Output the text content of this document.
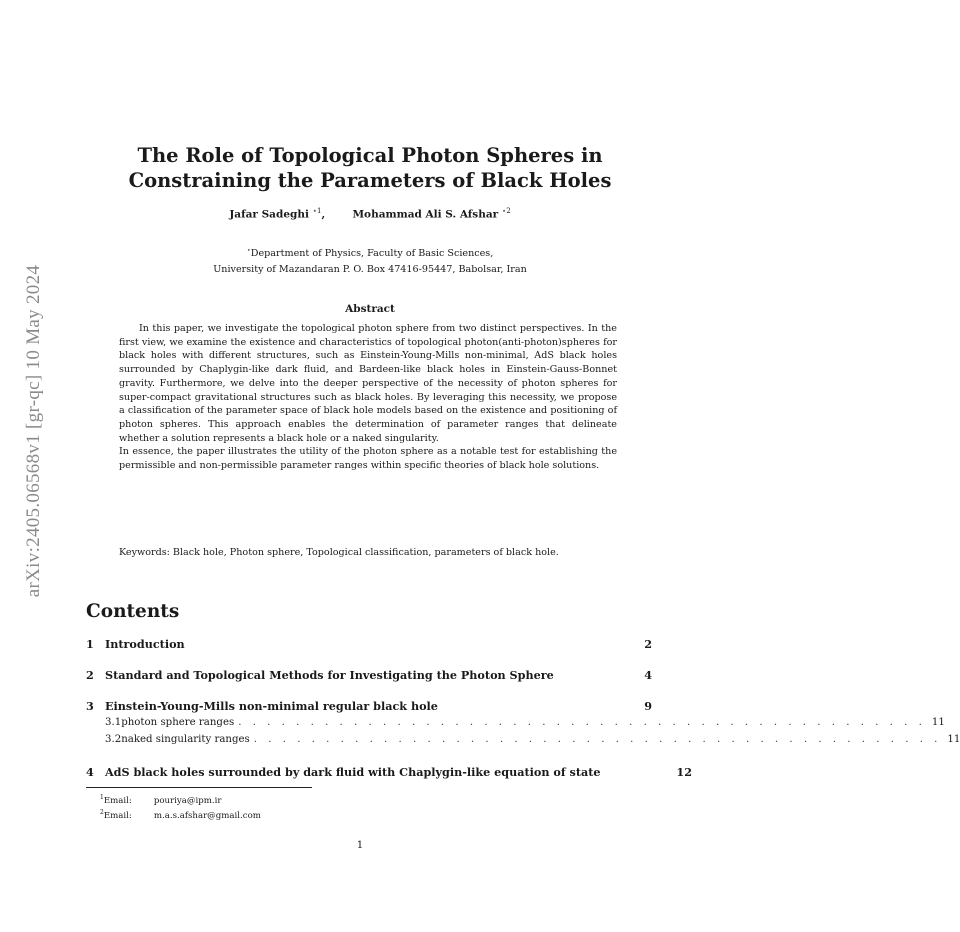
arXiv:2405.06568v1 [gr-qc] 10 May 2024
The Role of Topological Photon Spheres in Constraining the Parameters of Black Holes
Jafar Sadeghi $^{⋆1}$,	Mohammad Ali S. Afshar $^{⋆2}$
⋆Department of Physics, Faculty of Basic Sciences,
University of Mazandaran P. O. Box 47416-95447, Babolsar, Iran
Abstract

In this paper, we investigate the topological photon sphere from two distinct perspectives. In the first view, we examine the existence and characteristics of topological photon(anti-photon)spheres for black holes with different structures, such as Einstein-Young-Mills non-minimal, AdS black holes surrounded by Chaplygin-like dark fluid, and Bardeen-like black holes in Einstein-Gauss-Bonnet gravity. Furthermore, we delve into the deeper perspective of the necessity of photon spheres for super-compact gravitational structures such as black holes. By leveraging this necessity, we propose a classification of the parameter space of black hole models based on the existence and positioning of photon spheres. This approach enables the determination of parameter ranges that delineate whether a solution represents a black hole or a naked singularity.

In essence, the paper illustrates the utility of the photon sphere as a notable test for establishing the permissible and non-permissible parameter ranges within specific theories of black hole solutions.

Keywords: Black hole, Photon sphere, Topological classification, parameters of black hole.
Contents
1	Introduction	2
2	Standard and Topological Methods for Investigating the Photon Sphere	4
3	Einstein-Young-Mills non-minimal regular black hole	9
3.1 photon sphere ranges . . . . . . . . . . . . . . . . . . . . . . . . . . . . . . . . . . . . . . . . . . . . . . . . 11
3.2 naked singularity ranges . . . . . . . . . . . . . . . . . . . . . . . . . . . . . . . . . . . . . . . . . . . . . . . . 11
4	AdS black holes surrounded by dark fluid with Chaplygin-like equation of state	12
$^1$Email:	pouriya@ipm.ir
$^2$Email:	m.a.s.afshar@gmail.com
1
